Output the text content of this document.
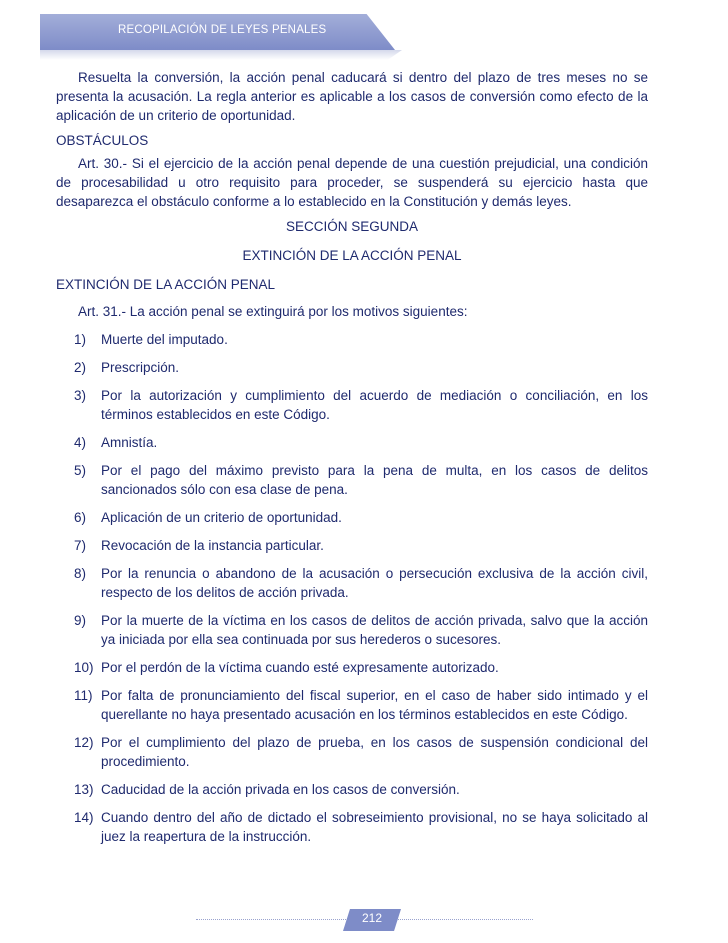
RECOPILACIÓN DE LEYES PENALES

Resuelta la conversión, la acción penal caducará si dentro del plazo de tres meses no se presenta la acusación. La regla anterior es aplicable a los casos de conversión como efecto de la aplicación de un criterio de oportunidad.

OBSTÁCULOS

Art. 30.- Si el ejercicio de la acción penal depende de una cuestión prejudicial, una condición de procesabilidad u otro requisito para proceder, se suspenderá su ejercicio hasta que desaparezca el obstáculo conforme a lo establecido en la Constitución y demás leyes.

SECCIÓN SEGUNDA

EXTINCIÓN DE LA ACCIÓN PENAL

EXTINCIÓN DE LA ACCIÓN PENAL

Art. 31.- La acción penal se extinguirá por los motivos siguientes:

1) Muerte del imputado.
2) Prescripción.
3) Por la autorización y cumplimiento del acuerdo de mediación o conciliación, en los términos establecidos en este Código.
4) Amnistía.
5) Por el pago del máximo previsto para la pena de multa, en los casos de delitos sancionados sólo con esa clase de pena.
6) Aplicación de un criterio de oportunidad.
7) Revocación de la instancia particular.
8) Por la renuncia o abandono de la acusación o persecución exclusiva de la acción civil, respecto de los delitos de acción privada.
9) Por la muerte de la víctima en los casos de delitos de acción privada, salvo que la acción ya iniciada por ella sea continuada por sus herederos o sucesores.
10) Por el perdón de la víctima cuando esté expresamente autorizado.
11) Por falta de pronunciamiento del fiscal superior, en el caso de haber sido intimado y el querellante no haya presentado acusación en los términos establecidos en este Código.
12) Por el cumplimiento del plazo de prueba, en los casos de suspensión condicional del procedimiento.
13) Caducidad de la acción privada en los casos de conversión.
14) Cuando dentro del año de dictado el sobreseimiento provisional, no se haya solicitado al juez la reapertura de la instrucción.
212
